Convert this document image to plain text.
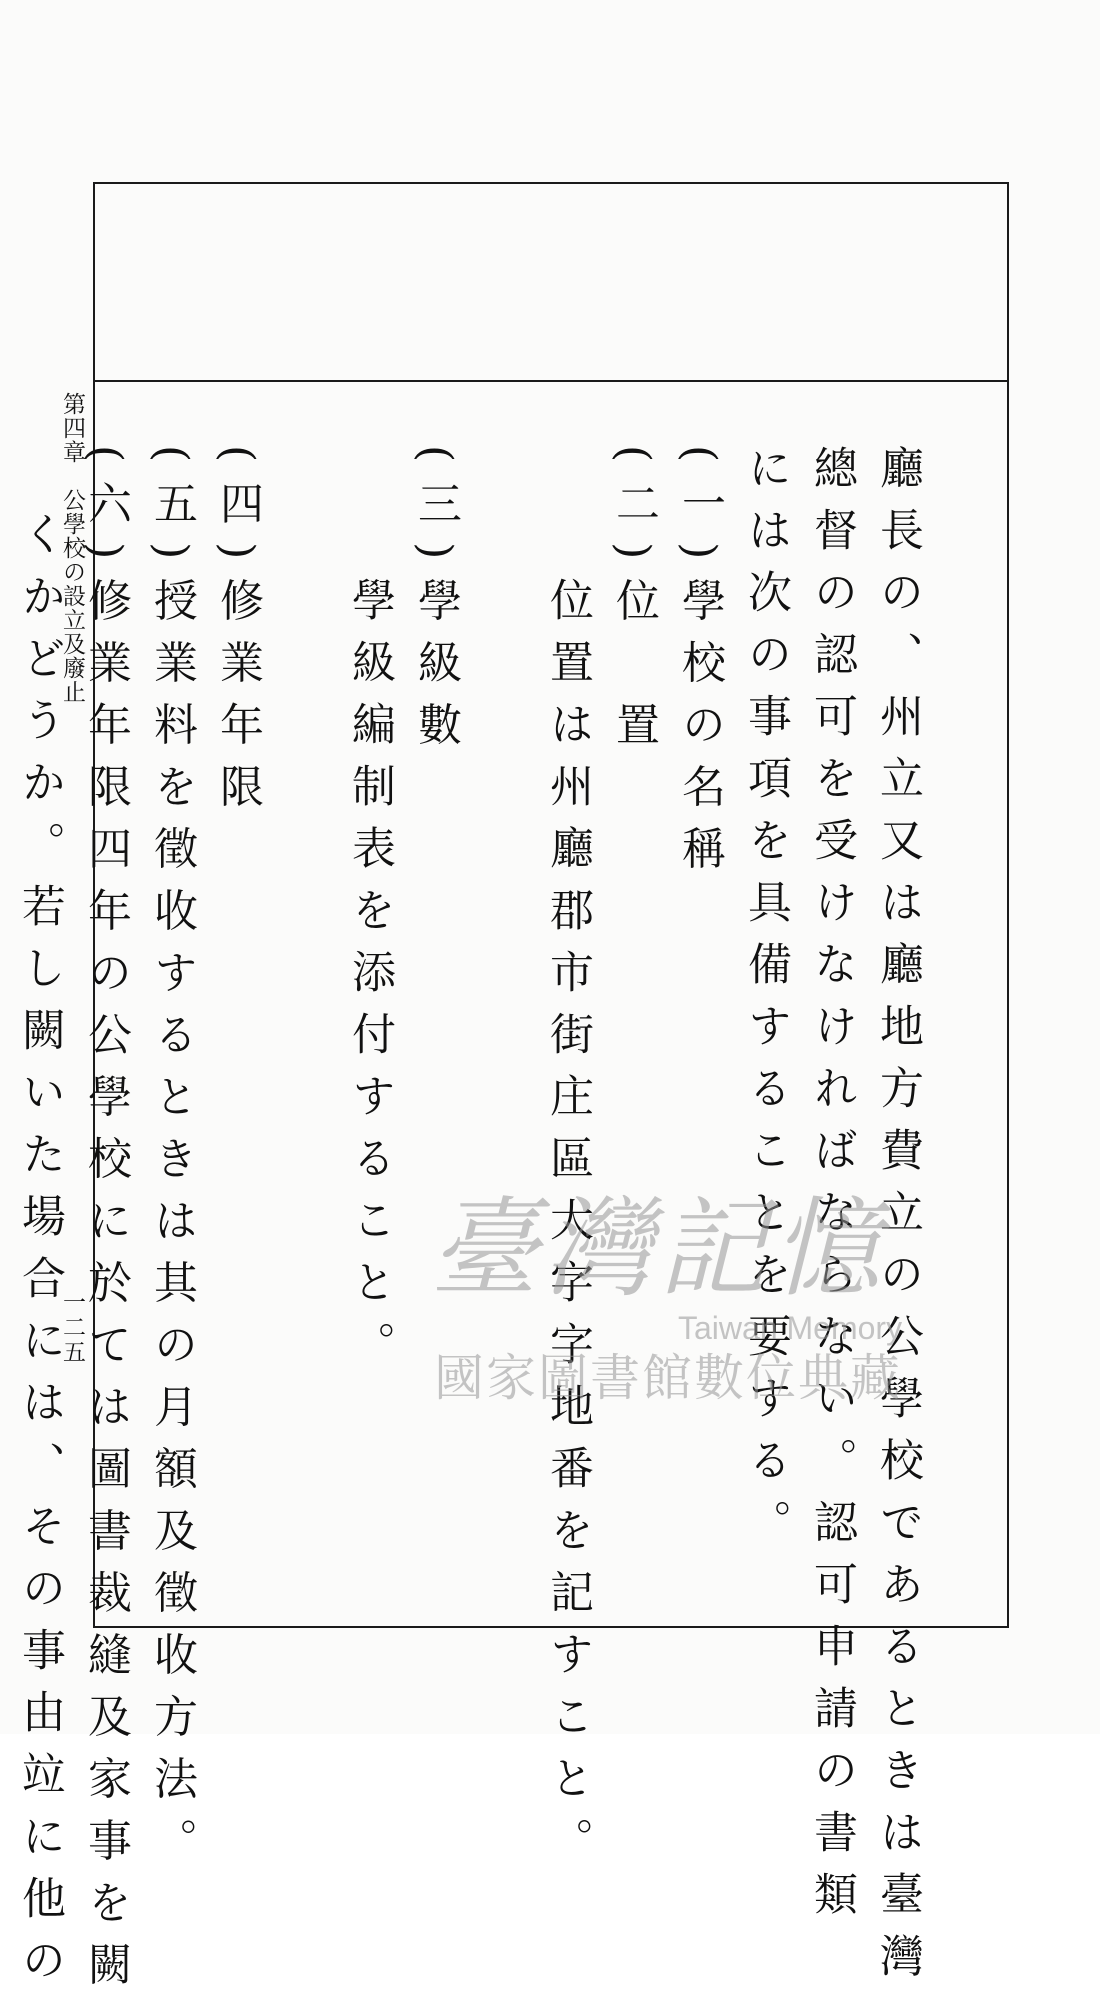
第四章　公學校の設立及廢止
一二五	廳長の、州立又は廳地方費立の公學校であるときは臺灣

總督の認可を受けなければならない。認可申請の書類

には次の事項を具備することを要する。

(一)學校の名稱

(二)位　置

位置は州廳郡市街庄區大字字地番を記すこと。

(三)學級數

學級編制表を添付すること。

(四)修業年限

(五)授業料を徵收するときは其の月額及徵收方法。

(六)修業年限四年の公學校に於ては圖書裁縫及家事を闕

くかどうか。若し闕いた場合には、その事由竝に他の	臺灣記憶
Taiwan Memory
國家圖書館數位典藏
